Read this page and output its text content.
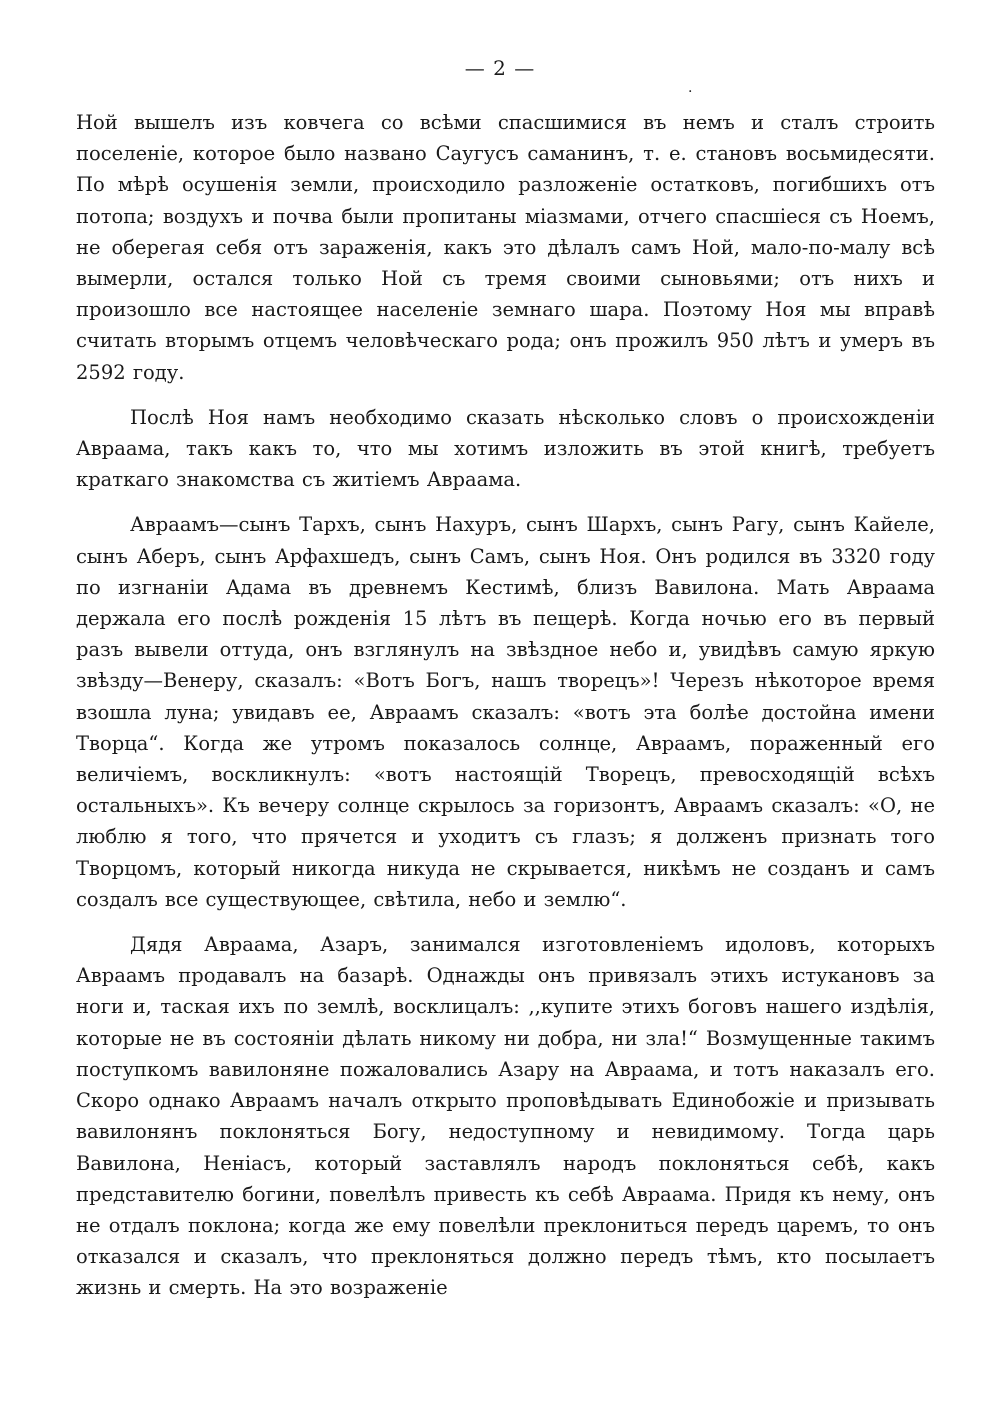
— 2 —
.

Ной вышелъ изъ ковчега со всѣми спасшимися въ немъ и сталъ строить поселеніе, которое было названо Саугусъ саманинъ, т. е. становъ восьмидесяти. По мѣрѣ осушенія земли, происходило разложеніе остатковъ, погибшихъ отъ потопа; воздухъ и почва были пропитаны міазмами, отчего спасшіеся съ Ноемъ, не оберегая себя отъ зараженія, какъ это дѣлалъ самъ Ной, мало-по-малу всѣ вымерли, остался только Ной съ тремя своими сыновьями; отъ нихъ и произошло все настоящее населеніе земнаго шара. Поэтому Ноя мы вправѣ считать вторымъ отцемъ человѣческаго рода; онъ прожилъ 950 лѣтъ и умеръ въ 2592 году.

Послѣ Ноя намъ необходимо сказать нѣсколько словъ о происхожденіи Авраама, такъ какъ то, что мы хотимъ изложить въ этой книгѣ, требуетъ краткаго знакомства съ житіемъ Авраама.

Авраамъ—сынъ Тархъ, сынъ Нахуръ, сынъ Шархъ, сынъ Рагу, сынъ Кайеле, сынъ Аберъ, сынъ Арфахшедъ, сынъ Самъ, сынъ Ноя. Онъ родился въ 3320 году по изгнаніи Адама въ древнемъ Кестимѣ, близъ Вавилона. Мать Авраама держала его послѣ рожденія 15 лѣтъ въ пещерѣ. Когда ночью его въ первый разъ вывели оттуда, онъ взглянулъ на звѣздное небо и, увидѣвъ самую яркую звѣзду—Венеру, сказалъ: «Вотъ Богъ, нашъ творецъ»! Черезъ нѣкоторое время взошла луна; увидавъ ее, Авраамъ сказалъ: «вотъ эта болѣе достойна имени Творца“. Когда же утромъ показалось солнце, Авраамъ, пораженный его величіемъ, воскликнулъ: «вотъ настоящій Творецъ, превосходящій всѣхъ остальныхъ». Къ вечеру солнце скрылось за горизонтъ, Авраамъ сказалъ: «О, не люблю я того, что прячется и уходитъ съ глазъ; я долженъ признать того Творцомъ, который никогда никуда не скрывается, никѣмъ не созданъ и самъ создалъ все существующее, свѣтила, небо и землю“.

Дядя Авраама, Азаръ, занимался изготовленіемъ идоловъ, которыхъ Авраамъ продавалъ на базарѣ. Однажды онъ привязалъ этихъ истукановъ за ноги и, таская ихъ по землѣ, восклицалъ: ,,купите этихъ боговъ нашего издѣлія, которые не въ состояніи дѣлать никому ни добра, ни зла!“ Возмущенные такимъ поступкомъ вавилоняне пожаловались Азару на Авраама, и тотъ наказалъ его. Скоро однако Авраамъ началъ открыто проповѣдывать Единобожіе и призывать вавилонянъ поклоняться Богу, недоступному и невидимому. Тогда царь Вавилона, Неніасъ, который заставлялъ народъ поклоняться себѣ, какъ представителю богини, повелѣлъ привесть къ себѣ Авраама. Придя къ нему, онъ не отдалъ поклона; когда же ему повелѣли преклониться передъ царемъ, то онъ отказался и сказалъ, что преклоняться должно передъ тѣмъ, кто посылаетъ жизнь и смерть. На это возраженіе
